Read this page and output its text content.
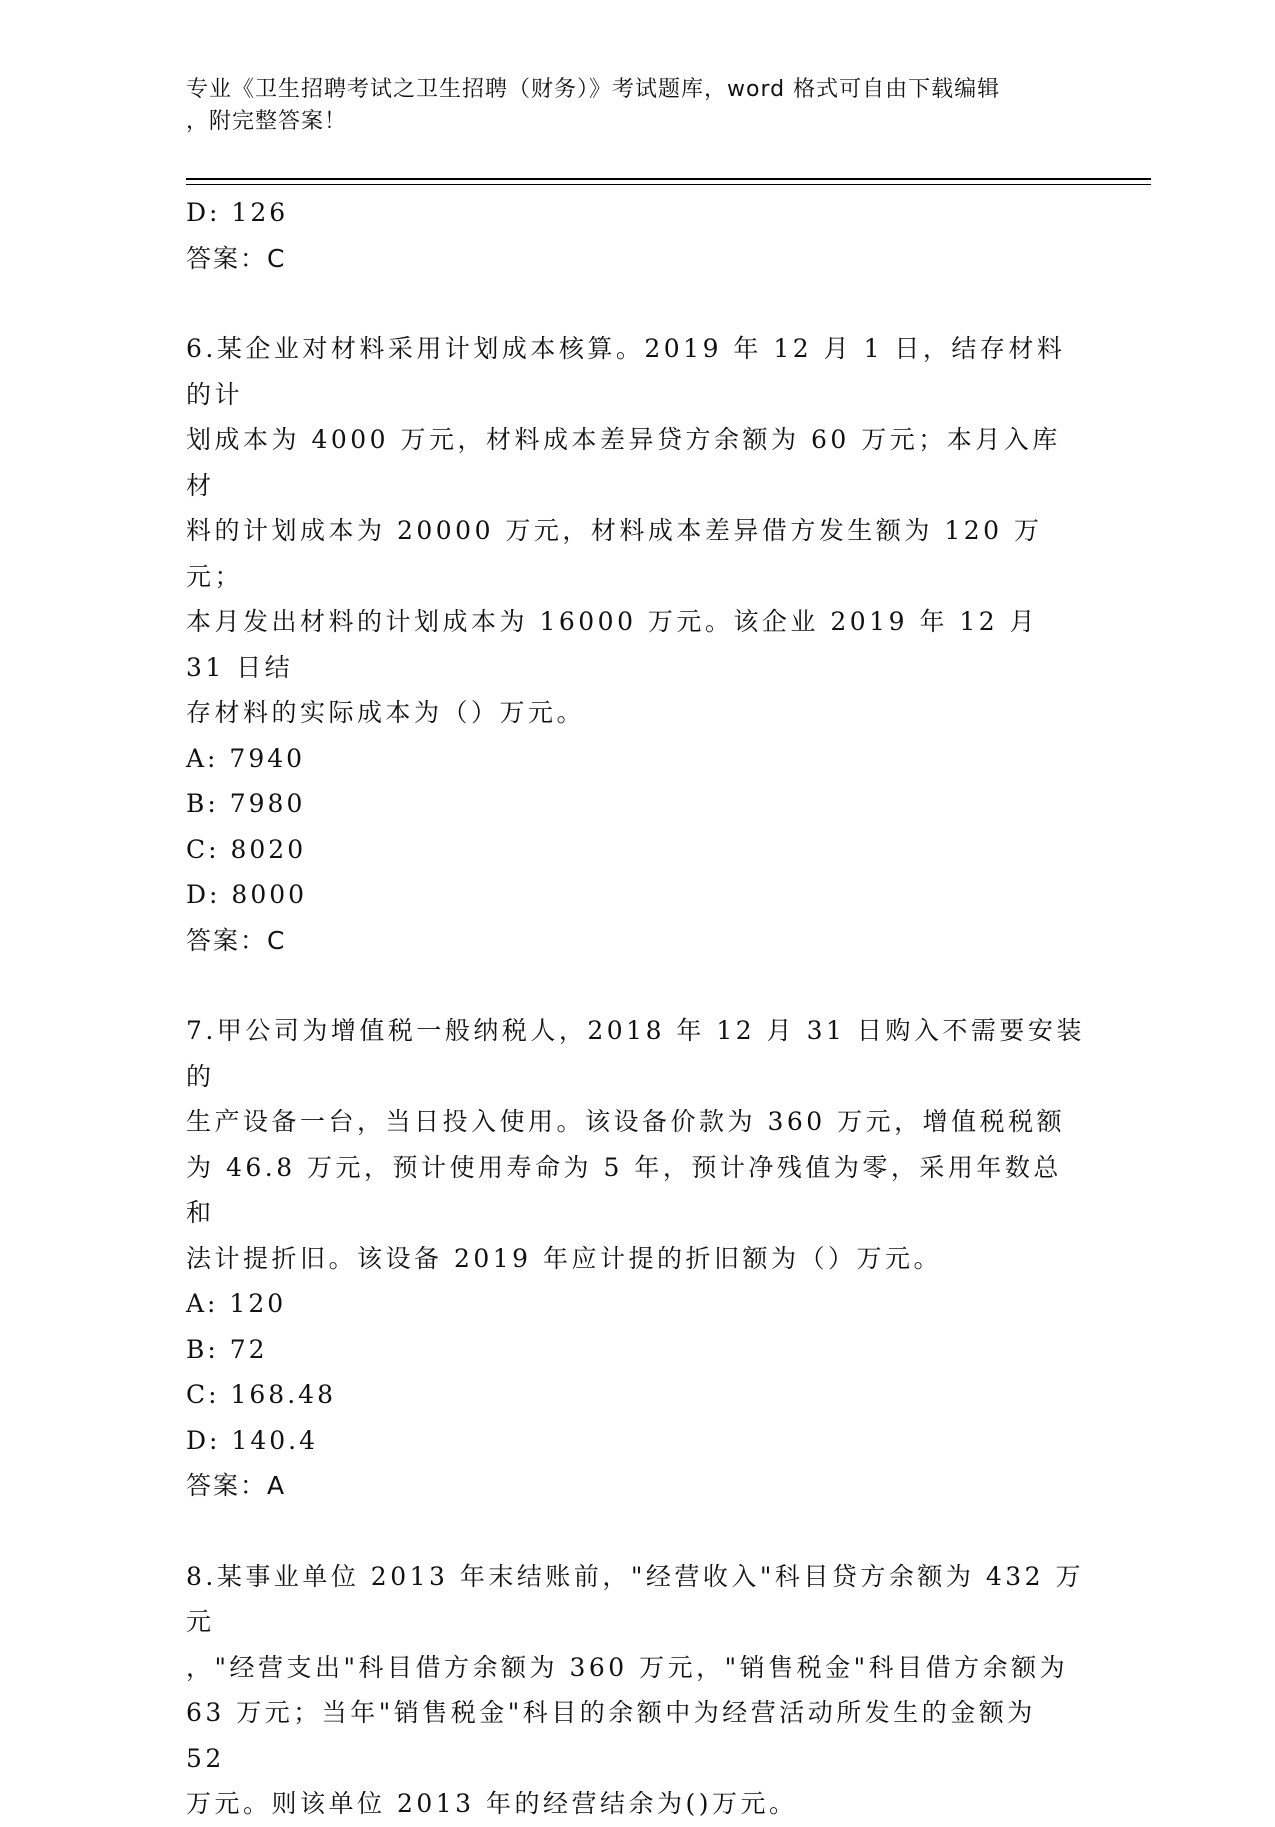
专业《卫生招聘考试之卫生招聘（财务）》考试题库，word 格式可自由下载编辑
，附完整答案！
D: 126
答案：C
6.某企业对材料采用计划成本核算。2019 年 12 月 1 日，结存材料的计
划成本为 4000 万元，材料成本差异贷方余额为 60 万元；本月入库材
料的计划成本为 20000 万元，材料成本差异借方发生额为 120 万元；
本月发出材料的计划成本为 16000 万元。该企业 2019 年 12 月 31 日结
存材料的实际成本为（）万元。
A: 7940
B: 7980
C: 8020
D: 8000
答案：C
7.甲公司为增值税一般纳税人，2018 年 12 月 31 日购入不需要安装的
生产设备一台，当日投入使用。该设备价款为 360 万元，增值税税额
为 46.8 万元，预计使用寿命为 5 年，预计净残值为零，采用年数总和
法计提折旧。该设备 2019 年应计提的折旧额为（）万元。
A: 120
B: 72
C: 168.48
D: 140.4
答案：A
8.某事业单位 2013 年末结账前，"经营收入"科目贷方余额为 432 万元
，"经营支出"科目借方余额为 360 万元，"销售税金"科目借方余额为
63 万元；当年"销售税金"科目的余额中为经营活动所发生的金额为 52
万元。则该单位 2013 年的经营结余为()万元。
